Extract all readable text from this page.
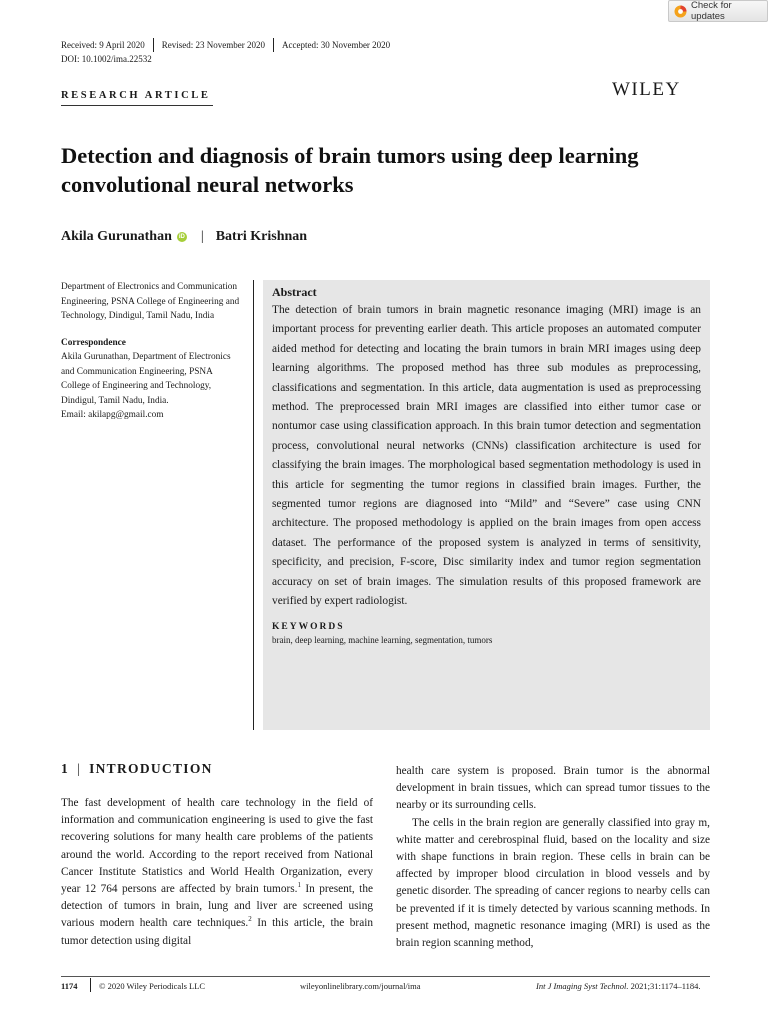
Check for updates
Received: 9 April 2020 Revised: 23 November 2020 Accepted: 30 November 2020
DOI: 10.1002/ima.22532
RESEARCH ARTICLE	WILEY
Detection and diagnosis of brain tumors using deep learning convolutional neural networks
Akila Gurunathan	iD | Batri Krishnan

Department of Electronics and Communication Engineering, PSNA College of Engineering and Technology, Dindigul, Tamil Nadu, India

Correspondence

Akila Gurunathan, Department of Electronics and Communication Engineering, PSNA College of Engineering and Technology, Dindigul, Tamil Nadu, India.

Email: akilapg@gmail.com

Abstract

The detection of brain tumors in brain magnetic resonance imaging (MRI) image is an important process for preventing earlier death. This article proposes an automated computer aided method for detecting and locating the brain tumors in brain MRI images using deep learning algorithms. The proposed method has three sub modules as preprocessing, classifications and segmentation. In this article, data augmentation is used as preprocessing method. The preprocessed brain MRI images are classified into either tumor case or nontumor case using classification approach. In this brain tumor detection and segmentation process, convolutional neural networks (CNNs) classification architecture is used for classifying the brain images. The morphological based segmentation methodology is used in this article for segmenting the tumor regions in classified brain images. Further, the segmented tumor regions are diagnosed into “Mild” and “Severe” case using CNN architecture. The proposed methodology is applied on the brain images from open access dataset. The performance of the proposed system is analyzed in terms of sensitivity, specificity, and precision, F-score, Disc similarity index and tumor region segmentation accuracy on set of brain images. The simulation results of this proposed framework are verified by expert radiologist.

KEYWORDS

brain, deep learning, machine learning, segmentation, tumors

1 | INTRODUCTION

The fast development of health care technology in the field of information and communication engineering is used to give the fast recovering solutions for many health care problems of the patients around the world. According to the report received from National Cancer Institute Statistics and World Health Organization, every year 12 764 persons are affected by brain tumors.$^1$ In present, the detection of tumors in brain, lung and liver are screened using various modern health care techniques.$^2$ In this article, the brain tumor detection using digital

health care system is proposed. Brain tumor is the abnormal development in brain tissues, which can spread tumor tissues to the nearby or its surrounding cells.

The cells in the brain region are generally classified into gray m, white matter and cerebrospinal fluid, based on the locality and size with shape functions in brain region. These cells in brain can be affected by improper blood circulation in blood vessels and by genetic disorder. The spreading of cancer regions to nearby cells can be prevented if it is timely detected by various scanning methods. In present method, magnetic resonance imaging (MRI) is used as the brain region scanning method,

1174	© 2020 Wiley Periodicals LLC	wileyonlinelibrary.com/journal/ima	Int J Imaging Syst Technol. 2021;31:1174–1184.
